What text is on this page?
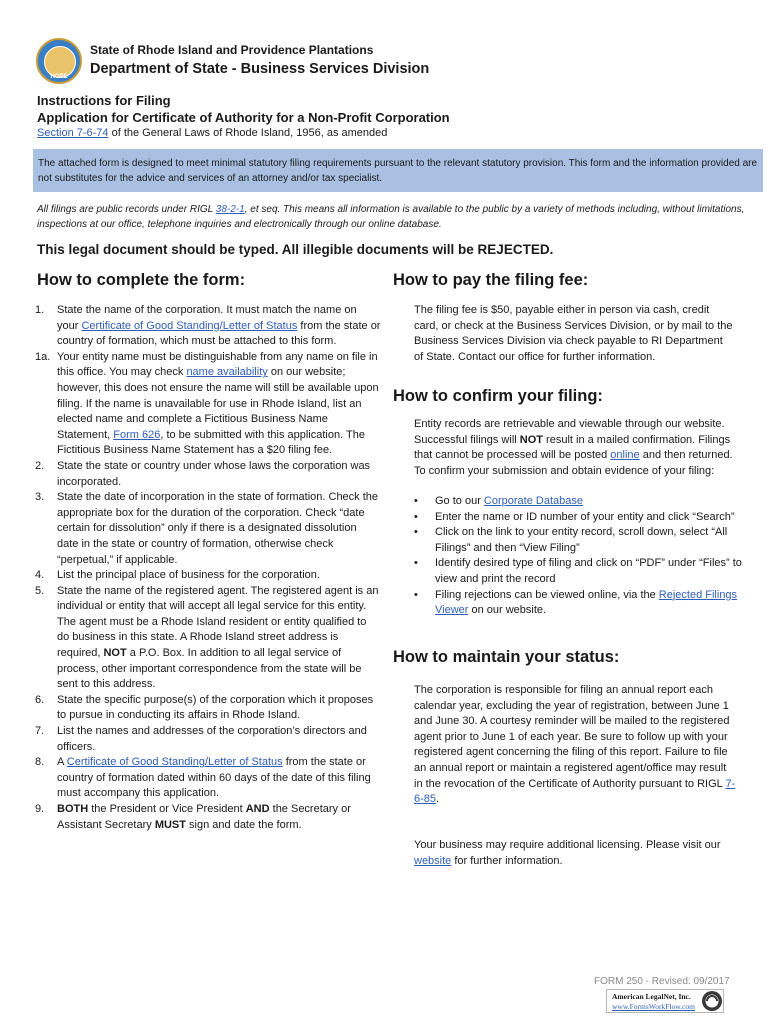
HOPE
State of Rhode Island and Providence Plantations
Department of State - Business Services Division
Instructions for Filing
Application for Certificate of Authority for a Non-Profit Corporation
Section 7-6-74 of the General Laws of Rhode Island, 1956, as amended
The attached form is designed to meet minimal statutory filing requirements pursuant to the relevant statutory provision. This form and the information provided are not substitutes for the advice and services of an attorney and/or tax specialist.
All filings are public records under RIGL 38-2-1, et seq. This means all information is available to the public by a variety of methods including, without limitations, inspections at our office, telephone inquiries and electronically through our online database.
This legal document should be typed. All illegible documents will be REJECTED.
How to complete the form:
1.	State the name of the corporation. It must match the name on your Certificate of Good Standing/Letter of Status from the state or country of formation, which must be attached to this form.
1a. Your entity name must be distinguishable from any name on file in this office. You may check name availability on our website; however, this does not ensure the name will still be available upon filing. If the name is unavailable for use in Rhode Island, list an elected name and complete a Fictitious Business Name Statement, Form 626, to be submitted with this application. The Fictitious Business Name Statement has a $20 filing fee.
2.	State the state or country under whose laws the corporation was incorporated.
3.	State the date of incorporation in the state of formation. Check the appropriate box for the duration of the corporation. Check “date certain for dissolution” only if there is a designated dissolution date in the state or country of formation, otherwise check “perpetual,” if applicable.
4.	List the principal place of business for the corporation.
5.	State the name of the registered agent. The registered agent is an individual or entity that will accept all legal service for this entity. The agent must be a Rhode Island resident or entity qualified to do business in this state. A Rhode Island street address is required, NOT a P.O. Box. In addition to all legal service of process, other important correspondence from the state will be sent to this address.
6.	State the specific purpose(s) of the corporation which it proposes to pursue in conducting its affairs in Rhode Island.
7.	List the names and addresses of the corporation’s directors and officers.
8.	A Certificate of Good Standing/Letter of Status from the state or country of formation dated within 60 days of the date of this filing must accompany this application.
9.	BOTH the President or Vice President AND the Secretary or Assistant Secretary MUST sign and date the form.
How to pay the filing fee:
The filing fee is $50, payable either in person via cash, credit card, or check at the Business Services Division, or by mail to the Business Services Division via check payable to RI Department of State. Contact our office for further information.
How to confirm your filing:
Entity records are retrievable and viewable through our website. Successful filings will NOT result in a mailed confirmation. Filings that cannot be processed will be posted online and then returned. To confirm your submission and obtain evidence of your filing:
•	Go to our Corporate Database
•	Enter the name or ID number of your entity and click “Search”
•	Click on the link to your entity record, scroll down, select “All Filings” and then “View Filing”
•	Identify desired type of filing and click on “PDF” under “Files” to view and print the record
•	Filing rejections can be viewed online, via the Rejected Filings Viewer on our website.
How to maintain your status:
The corporation is responsible for filing an annual report each calendar year, excluding the year of registration, between June 1 and June 30. A courtesy reminder will be mailed to the registered agent prior to June 1 of each year. Be sure to follow up with your registered agent concerning the filing of this report. Failure to file an annual report or maintain a registered agent/office may result in the revocation of the Certificate of Authority pursuant to RIGL 7-6-85.
Your business may require additional licensing. Please visit our website for further information.
FORM 250 - Revised: 09/2017
American LegalNet, Inc.
www.FormsWorkFlow.com
